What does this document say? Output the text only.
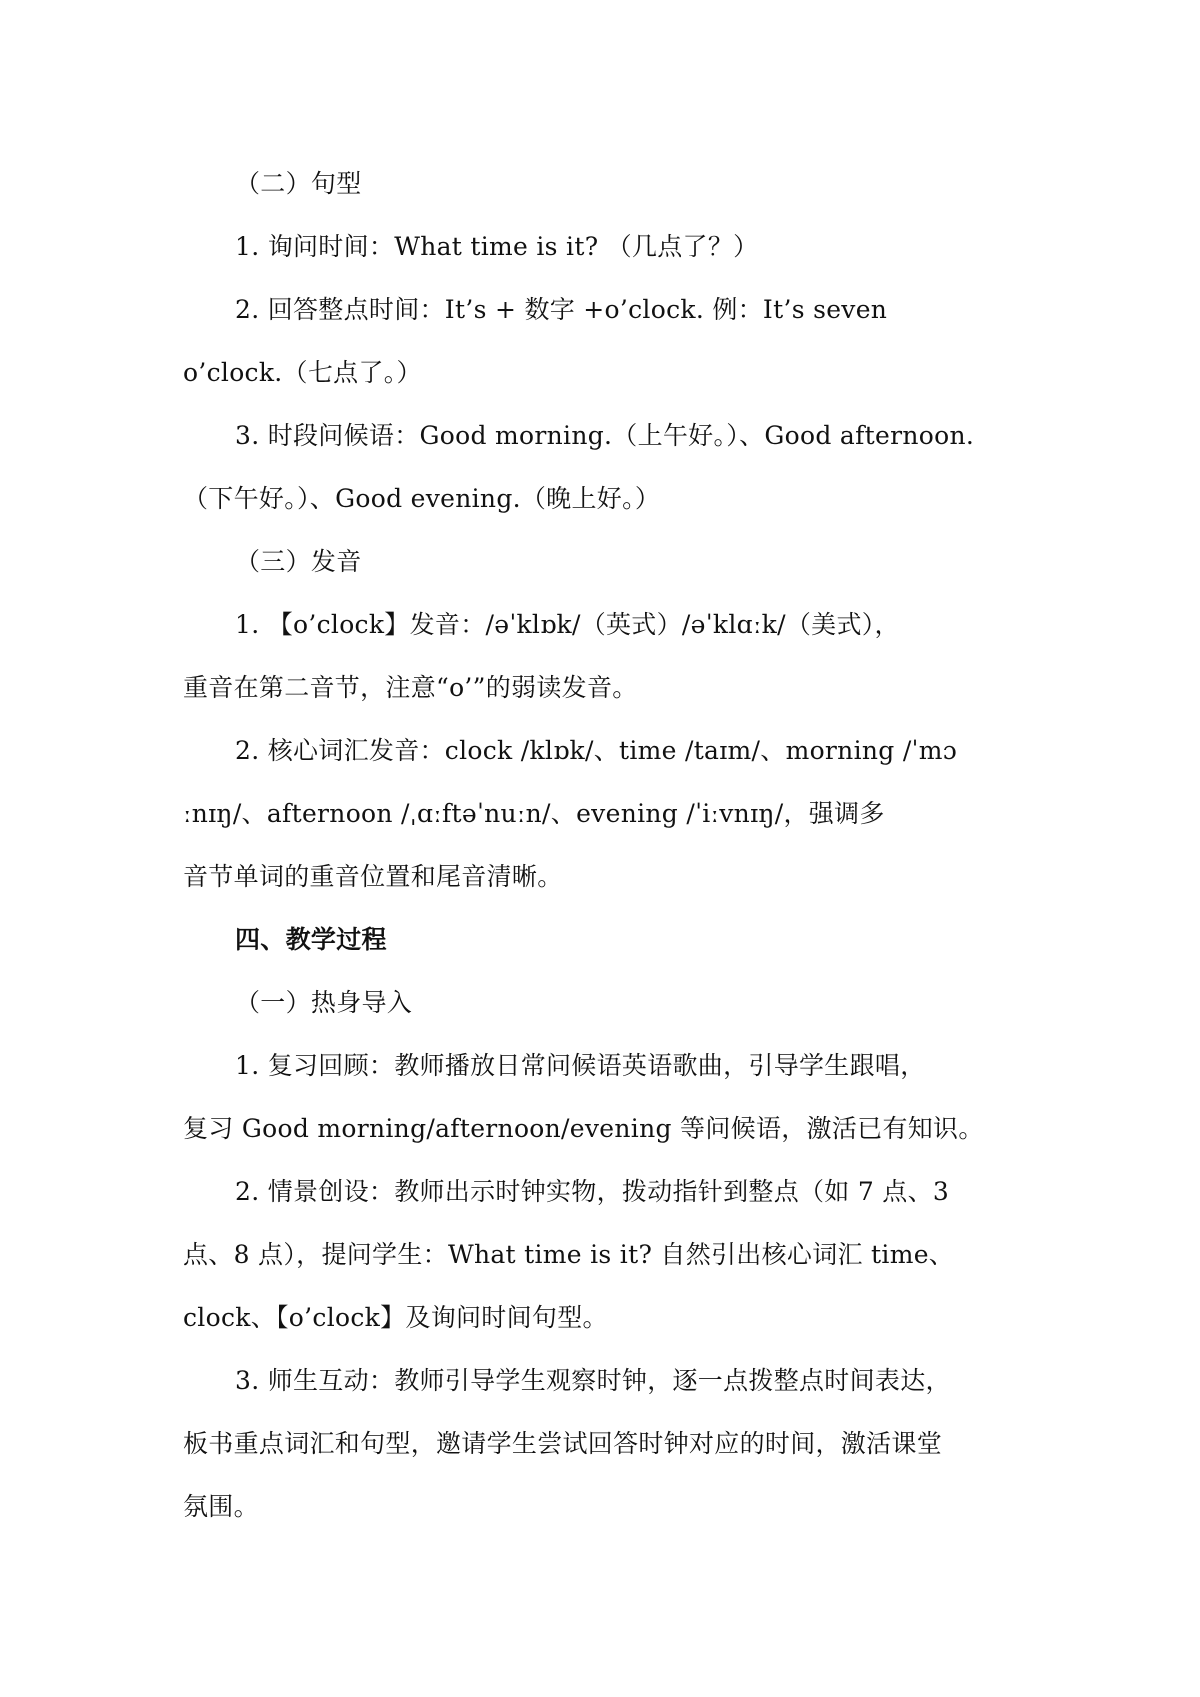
（二）句型
1. 询问时间：What time is it? （几点了？）
2. 回答整点时间：It’s + 数字 +o’clock. 例：It’s seven
o’clock.（七点了。）
3. 时段问候语：Good morning.（上午好。）、Good afternoon.
（下午好。）、Good evening.（晚上好。）
（三）发音
1. 【o’clock】发音：/əˈklɒk/（英式）/əˈklɑːk/（美式），
重音在第二音节，注意“o’”的弱读发音。
2. 核心词汇发音：clock /klɒk/、time /taɪm/、morning /ˈmɔ
ːnɪŋ/、afternoon /ˌɑːftəˈnuːn/、evening /ˈiːvnɪŋ/，强调多
音节单词的重音位置和尾音清晰。
四、教学过程
（一）热身导入
1. 复习回顾：教师播放日常问候语英语歌曲，引导学生跟唱，
复习 Good morning/afternoon/evening 等问候语，激活已有知识。
2. 情景创设：教师出示时钟实物，拨动指针到整点（如 7 点、3
点、8 点），提问学生：What time is it? 自然引出核心词汇 time、
clock、【o’clock】及询问时间句型。
3. 师生互动：教师引导学生观察时钟，逐一点拨整点时间表达，
板书重点词汇和句型，邀请学生尝试回答时钟对应的时间，激活课堂
氛围。
